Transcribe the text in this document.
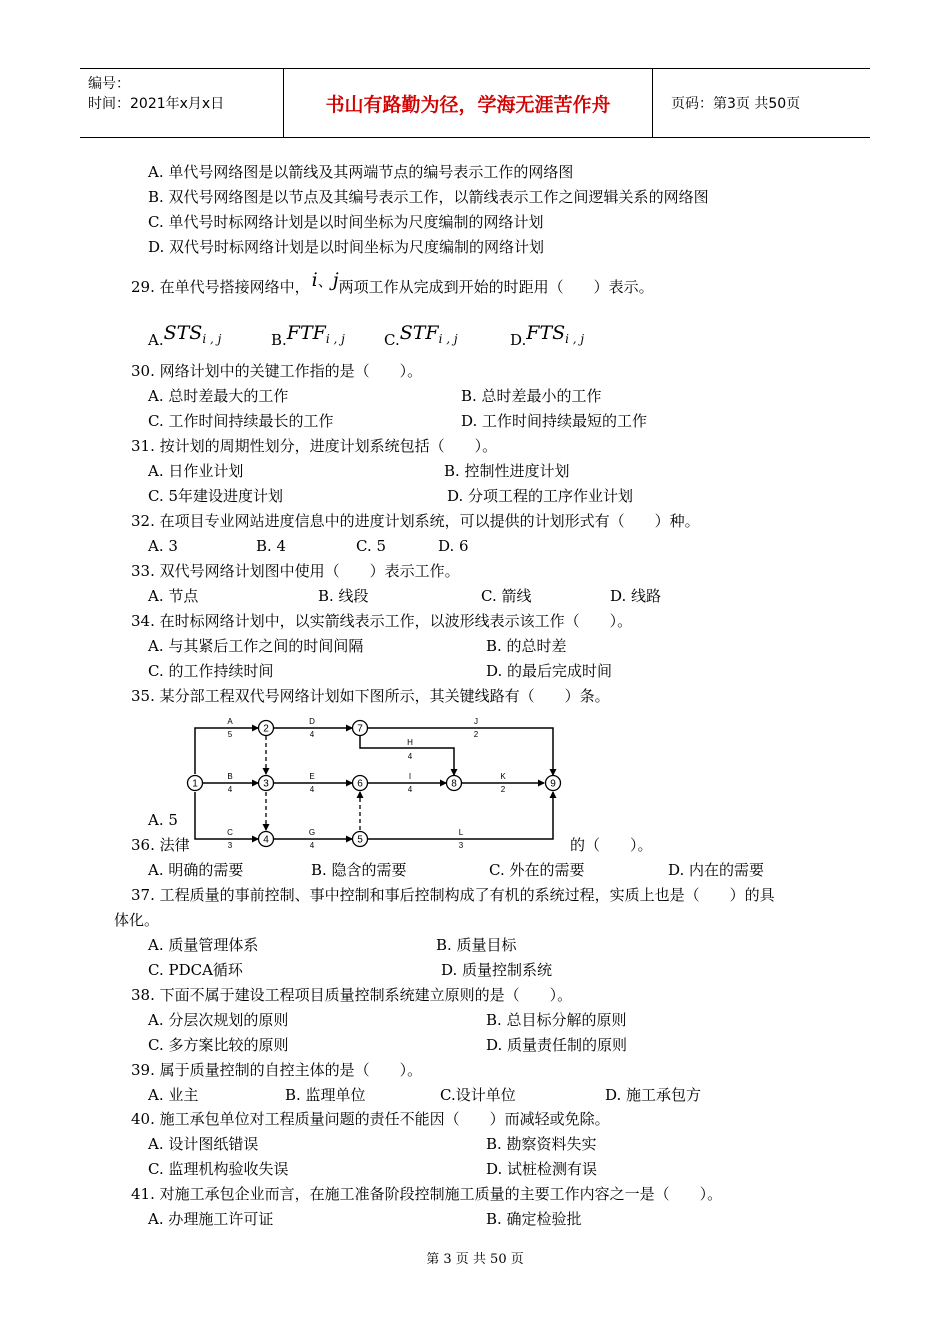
编号：
时间：2021年x月x日	书山有路勤为径，学海无涯苦作舟	页码：第3页 共50页
A. 单代号网络图是以箭线及其两端节点的编号表示工作的网络图
B. 双代号网络图是以节点及其编号表示工作，以箭线表示工作之间逻辑关系的网络图
C. 单代号时标网络计划是以时间坐标为尺度编制的网络计划
D. 双代号时标网络计划是以时间坐标为尺度编制的网络计划
30. 网络计划中的关键工作指的是（　　）。
A. 总时差最大的工作	B. 总时差最小的工作
C. 工作时间持续最长的工作	D. 工作时间持续最短的工作
31. 按计划的周期性划分，进度计划系统包括（　　）。
A. 日作业计划	B. 控制性进度计划
C. 5年建设进度计划	D. 分项工程的工序作业计划
32. 在项目专业网站进度信息中的进度计划系统，可以提供的计划形式有（　　）种。
A. 3	B. 4	C. 5	D. 6
33. 双代号网络计划图中使用（　　）表示工作。
A. 节点	B. 线段	C. 箭线	D. 线路
34. 在时标网络计划中，以实箭线表示工作，以波形线表示该工作（　　）。
A. 与其紧后工作之间的时间间隔	B. 的总时差
C. 的工作持续时间	D. 的最后完成时间
35. 某分部工程双代号网络计划如下图所示，其关键线路有（　　）条。
A. 5
36. 法律	的（　　）。
A. 明确的需要	B. 隐含的需要	C. 外在的需要	D. 内在的需要
37. 工程质量的事前控制、事中控制和事后控制构成了有机的系统过程，实质上也是（　　）的具
体化。
A. 质量管理体系	B. 质量目标
C. PDCA循环	D. 质量控制系统
38. 下面不属于建设工程项目质量控制系统建立原则的是（　　）。
A. 分层次规划的原则	B. 总目标分解的原则
C. 多方案比较的原则	D. 质量责任制的原则
39. 属于质量控制的自控主体的是（　　）。
A. 业主	B. 监理单位	C.设计单位	D. 施工承包方
40. 施工承包单位对工程质量问题的责任不能因（　　）而减轻或免除。
A. 设计图纸错误	B. 勘察资料失实
C. 监理机构验收失误	D. 试桩检测有误
41. 对施工承包企业而言，在施工准备阶段控制施工质量的主要工作内容之一是（　　）。
A. 办理施工许可证	B. 确定检验批
29. 在单代号搭接网络中， i、j两项工作从完成到开始的时距用（　　）表示。
$A.STS_{i , j}$	$B.FTF_{i , j}$	$C.STF_{i , j}$	$D.FTS_{i , j}$
1
2
3
4	5
6
7
8	9
A
5
D
4
J
2
H
4
B
4
E
4
I
4
K
2
C
3
G
4
L
3
第 3 页 共 50 页
